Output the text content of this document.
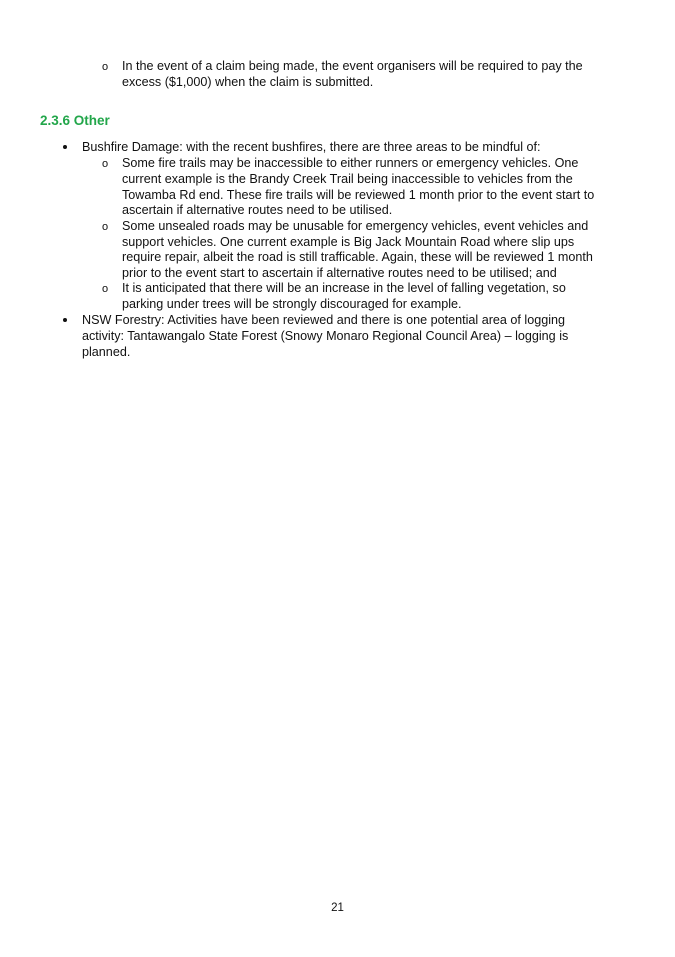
o In the event of a claim being made, the event organisers will be required to pay the
excess ($1,000) when the claim is submitted.
2.3.6 Other
Bushfire Damage: with the recent bushfires, there are three areas to be mindful of:
o Some fire trails may be inaccessible to either runners or emergency vehicles. One
current example is the Brandy Creek Trail being inaccessible to vehicles from the
Towamba Rd end. These fire trails will be reviewed 1 month prior to the event start to
ascertain if alternative routes need to be utilised.
o Some unsealed roads may be unusable for emergency vehicles, event vehicles and
support vehicles. One current example is Big Jack Mountain Road where slip ups
require repair, albeit the road is still trafficable. Again, these will be reviewed 1 month
prior to the event start to ascertain if alternative routes need to be utilised; and
o It is anticipated that there will be an increase in the level of falling vegetation, so
parking under trees will be strongly discouraged for example.
NSW Forestry: Activities have been reviewed and there is one potential area of logging
activity: Tantawangalo State Forest (Snowy Monaro Regional Council Area) – logging is
planned.
21
